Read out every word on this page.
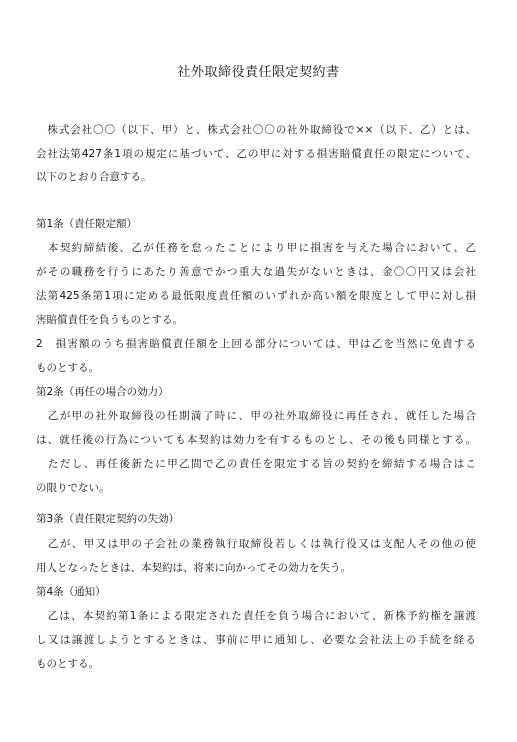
社外取締役責任限定契約書

　株式会社〇〇（以下、甲）と、株式会社〇〇の社外取締役で××（以下、乙）とは、

会社法第427条1項の規定に基づいて、乙の甲に対する損害賠償責任の限定について、

以下のとおり合意する。

第1条（責任限定額）

　本契約締結後、乙が任務を怠ったことにより甲に損害を与えた場合において、乙

がその職務を行うにあたり善意でかつ重大な過失がないときは、金〇〇円又は会社

法第425条第1項に定める最低限度責任額のいずれか高い額を限度として甲に対し損

害賠償責任を負うものとする。

2　損害額のうち損害賠償責任額を上回る部分については、甲は乙を当然に免責する

ものとする。

第2条（再任の場合の効力）

　乙が甲の社外取締役の任期満了時に、甲の社外取締役に再任され、就任した場合

は、就任後の行為についても本契約は効力を有するものとし、その後も同様とする。

　ただし、再任後新たに甲乙間で乙の責任を限定する旨の契約を締結する場合はこ

の限りでない。

第3条（責任限定契約の失効）

　乙が、甲又は甲の子会社の業務執行取締役若しくは執行役又は支配人その他の使

用人となったときは、本契約は、将来に向かってその効力を失う。

第4条（通知）

　乙は、本契約第1条による限定された責任を負う場合において、新株予約権を譲渡

し又は譲渡しようとするときは、事前に甲に通知し、必要な会社法上の手続を経る

ものとする。
